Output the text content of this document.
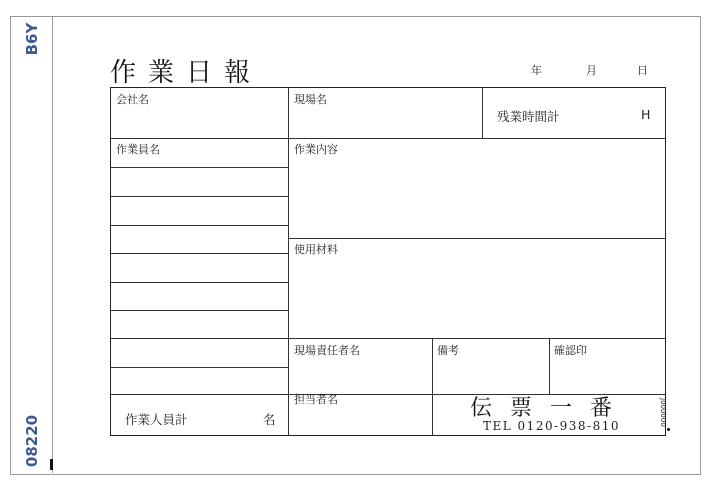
B6Y
08220
作業日報	年	月	日
会社名	現場名
残業時間計	H
作業員名	作業内容
使用材料
現場責任者名	備考	確認印
担当者名
作業人員計	名	伝票一番
TEL 0120-938-810	J000000
